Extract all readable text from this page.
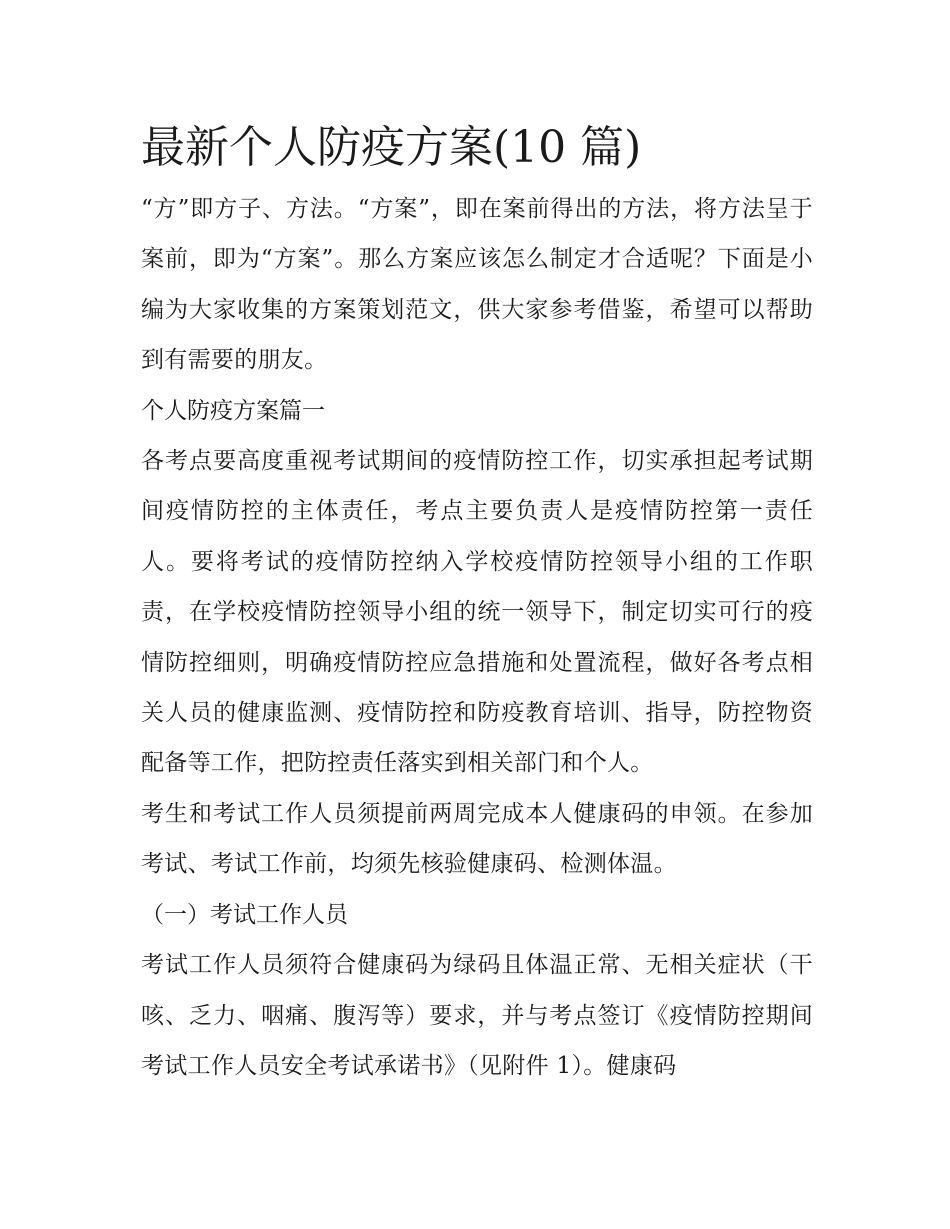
最新个人防疫方案(10 篇)

“方”即方子、方法。“方案”，即在案前得出的方法，将方法呈于案前，即为“方案”。那么方案应该怎么制定才合适呢？下面是小编为大家收集的方案策划范文，供大家参考借鉴，希望可以帮助到有需要的朋友。

个人防疫方案篇一

各考点要高度重视考试期间的疫情防控工作，切实承担起考试期间疫情防控的主体责任，考点主要负责人是疫情防控第一责任人。要将考试的疫情防控纳入学校疫情防控领导小组的工作职责，在学校疫情防控领导小组的统一领导下，制定切实可行的疫情防控细则，明确疫情防控应急措施和处置流程，做好各考点相关人员的健康监测、疫情防控和防疫教育培训、指导，防控物资配备等工作，把防控责任落实到相关部门和个人。

考生和考试工作人员须提前两周完成本人健康码的申领。在参加考试、考试工作前，均须先核验健康码、检测体温。

（一）考试工作人员

考试工作人员须符合健康码为绿码且体温正常、无相关症状（干咳、乏力、咽痛、腹泻等）要求，并与考点签订《疫情防控期间考试工作人员安全考试承诺书》（见附件 1）。健康码
